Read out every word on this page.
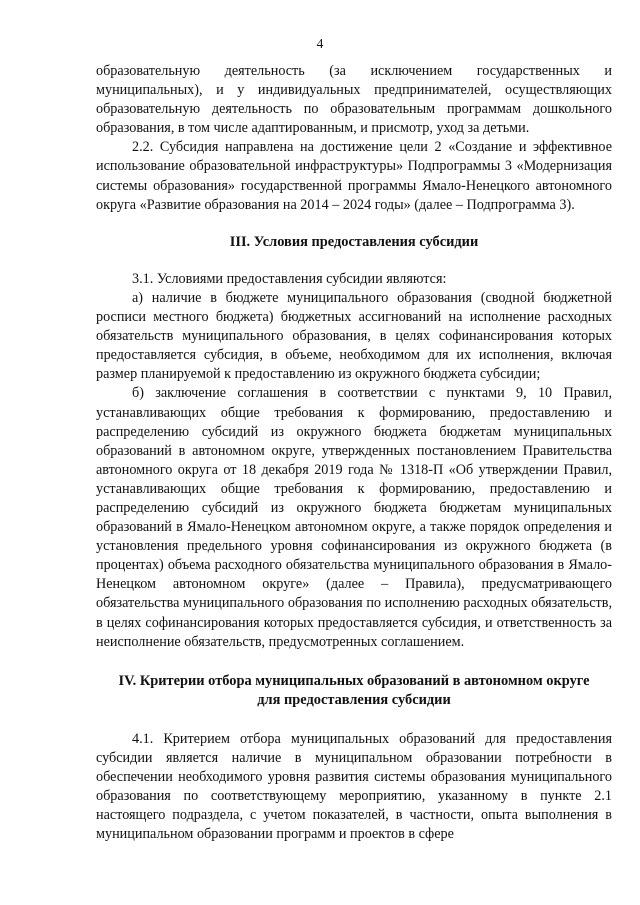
4

образовательную деятельность (за исключением государственных и муниципальных), и у индивидуальных предпринимателей, осуществляющих образовательную деятельность по образовательным программам дошкольного образования, в том числе адаптированным, и присмотр, уход за детьми.

2.2. Субсидия направлена на достижение цели 2 «Создание и эффективное использование образовательной инфраструктуры» Подпрограммы 3 «Модернизация системы образования» государственной программы Ямало-Ненецкого автономного округа «Развитие образования на 2014 – 2024 годы» (далее – Подпрограмма 3).

III. Условия предоставления субсидии

3.1. Условиями предоставления субсидии являются:

а) наличие в бюджете муниципального образования (сводной бюджетной росписи местного бюджета) бюджетных ассигнований на исполнение расходных обязательств муниципального образования, в целях софинансирования которых предоставляется субсидия, в объеме, необходимом для их исполнения, включая размер планируемой к предоставлению из окружного бюджета субсидии;

б) заключение соглашения в соответствии с пунктами 9, 10 Правил, устанавливающих общие требования к формированию, предоставлению и распределению субсидий из окружного бюджета бюджетам муниципальных образований в автономном округе, утвержденных постановлением Правительства автономного округа от 18 декабря 2019 года № 1318-П «Об утверждении Правил, устанавливающих общие требования к формированию, предоставлению и распределению субсидий из окружного бюджета бюджетам муниципальных образований в Ямало-Ненецком автономном округе, а также порядок определения и установления предельного уровня софинансирования из окружного бюджета (в процентах) объема расходного обязательства муниципального образования в Ямало-Ненецком автономном округе» (далее – Правила), предусматривающего обязательства муниципального образования по исполнению расходных обязательств, в целях софинансирования которых предоставляется субсидия, и ответственность за неисполнение обязательств, предусмотренных соглашением.

IV. Критерии отбора муниципальных образований в автономном округе
для предоставления субсидии

4.1. Критерием отбора муниципальных образований для предоставления субсидии является наличие в муниципальном образовании потребности в обеспечении необходимого уровня развития системы образования муниципального образования по соответствующему мероприятию, указанному в пункте 2.1 настоящего подраздела, с учетом показателей, в частности, опыта выполнения в муниципальном образовании программ и проектов в сфере
